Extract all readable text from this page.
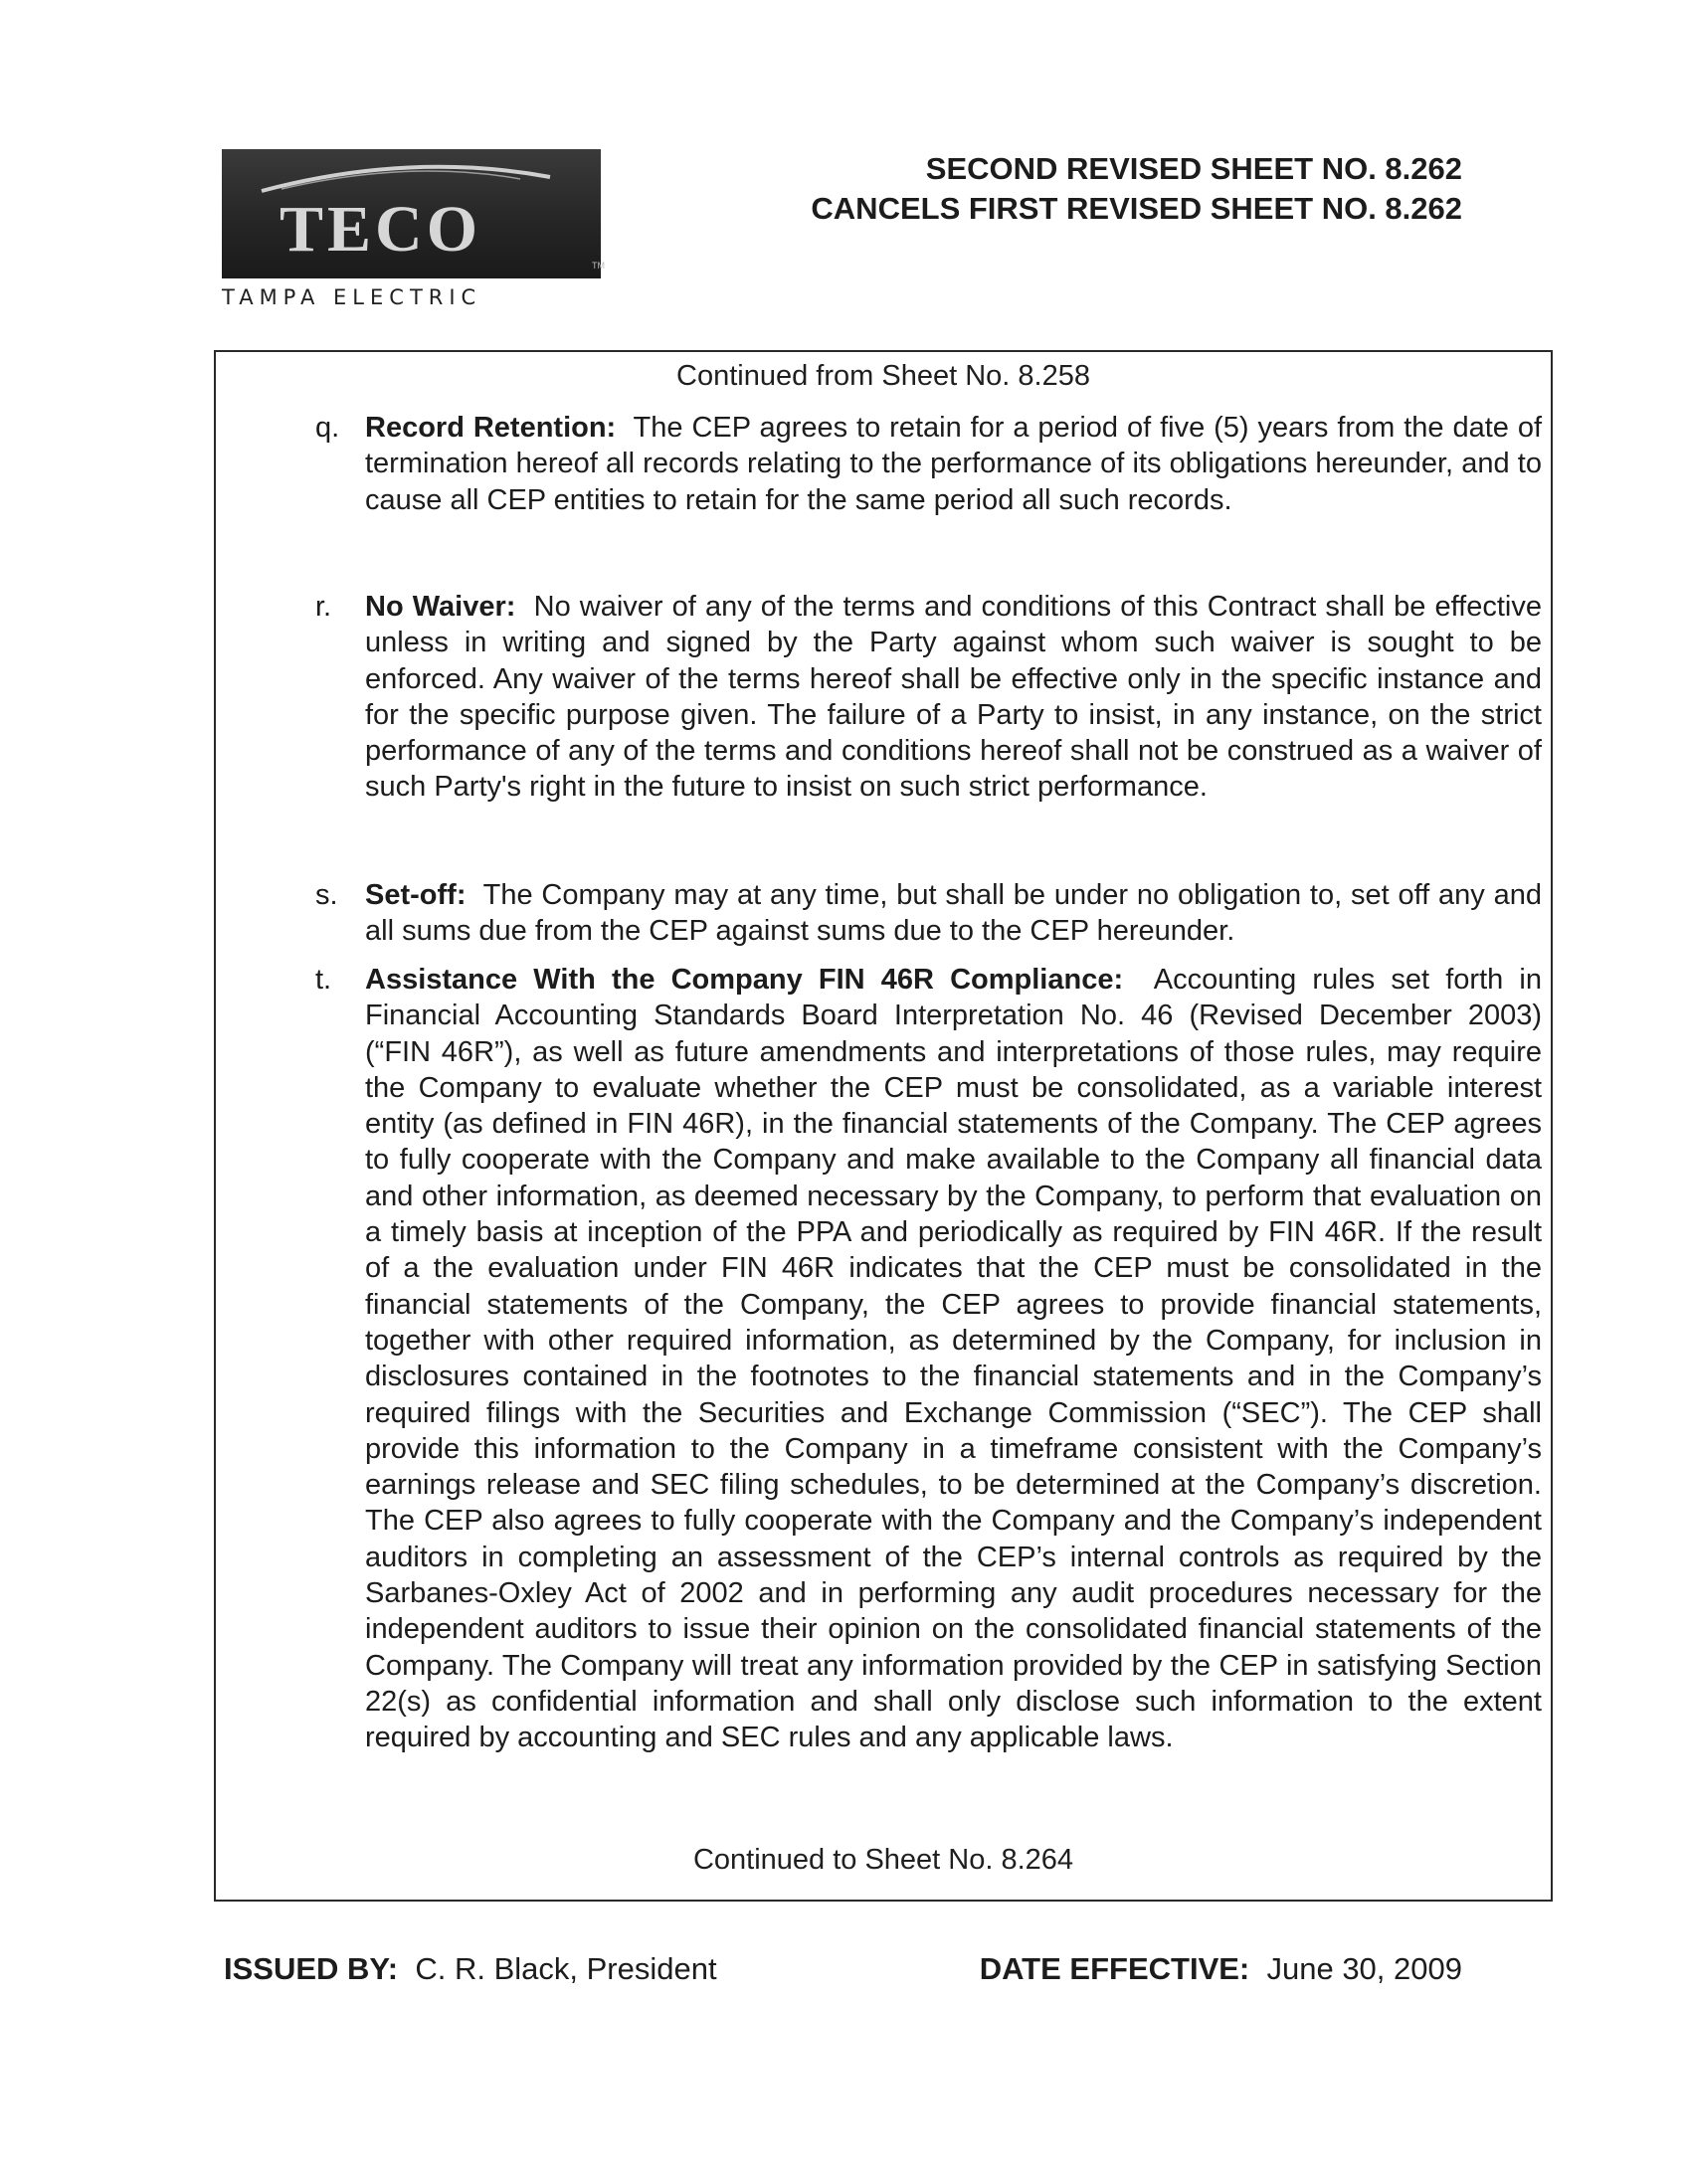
TECO	TM
TAMPA ELECTRIC
SECOND REVISED SHEET NO. 8.262
CANCELS FIRST REVISED SHEET NO. 8.262
Continued from Sheet No. 8.258
q. Record Retention: The CEP agrees to retain for a period of five (5) years from the date of termination hereof all records relating to the performance of its obligations hereunder, and to cause all CEP entities to retain for the same period all such records.
r. No Waiver: No waiver of any of the terms and conditions of this Contract shall be effective unless in writing and signed by the Party against whom such waiver is sought to be enforced. Any waiver of the terms hereof shall be effective only in the specific instance and for the specific purpose given. The failure of a Party to insist, in any instance, on the strict performance of any of the terms and conditions hereof shall not be construed as a waiver of such Party's right in the future to insist on such strict performance.
s. Set-off: The Company may at any time, but shall be under no obligation to, set off any and all sums due from the CEP against sums due to the CEP hereunder.
t. Assistance With the Company FIN 46R Compliance: Accounting rules set forth in Financial Accounting Standards Board Interpretation No. 46 (Revised December 2003) (“FIN 46R”), as well as future amendments and interpretations of those rules, may require the Company to evaluate whether the CEP must be consolidated, as a variable interest entity (as defined in FIN 46R), in the financial statements of the Company. The CEP agrees to fully cooperate with the Company and make available to the Company all financial data and other information, as deemed necessary by the Company, to perform that evaluation on a timely basis at inception of the PPA and periodically as required by FIN 46R. If the result of a the evaluation under FIN 46R indicates that the CEP must be consolidated in the financial statements of the Company, the CEP agrees to provide financial statements, together with other required information, as determined by the Company, for inclusion in disclosures contained in the footnotes to the financial statements and in the Company’s required filings with the Securities and Exchange Commission (“SEC”). The CEP shall provide this information to the Company in a timeframe consistent with the Company’s earnings release and SEC filing schedules, to be determined at the Company’s discretion. The CEP also agrees to fully cooperate with the Company and the Company’s independent auditors in completing an assessment of the CEP’s internal controls as required by the Sarbanes-Oxley Act of 2002 and in performing any audit procedures necessary for the independent auditors to issue their opinion on the consolidated financial statements of the Company. The Company will treat any information provided by the CEP in satisfying Section 22(s) as confidential information and shall only disclose such information to the extent required by accounting and SEC rules and any applicable laws.
Continued to Sheet No. 8.264
ISSUED BY: C. R. Black, President	DATE EFFECTIVE: June 30, 2009
